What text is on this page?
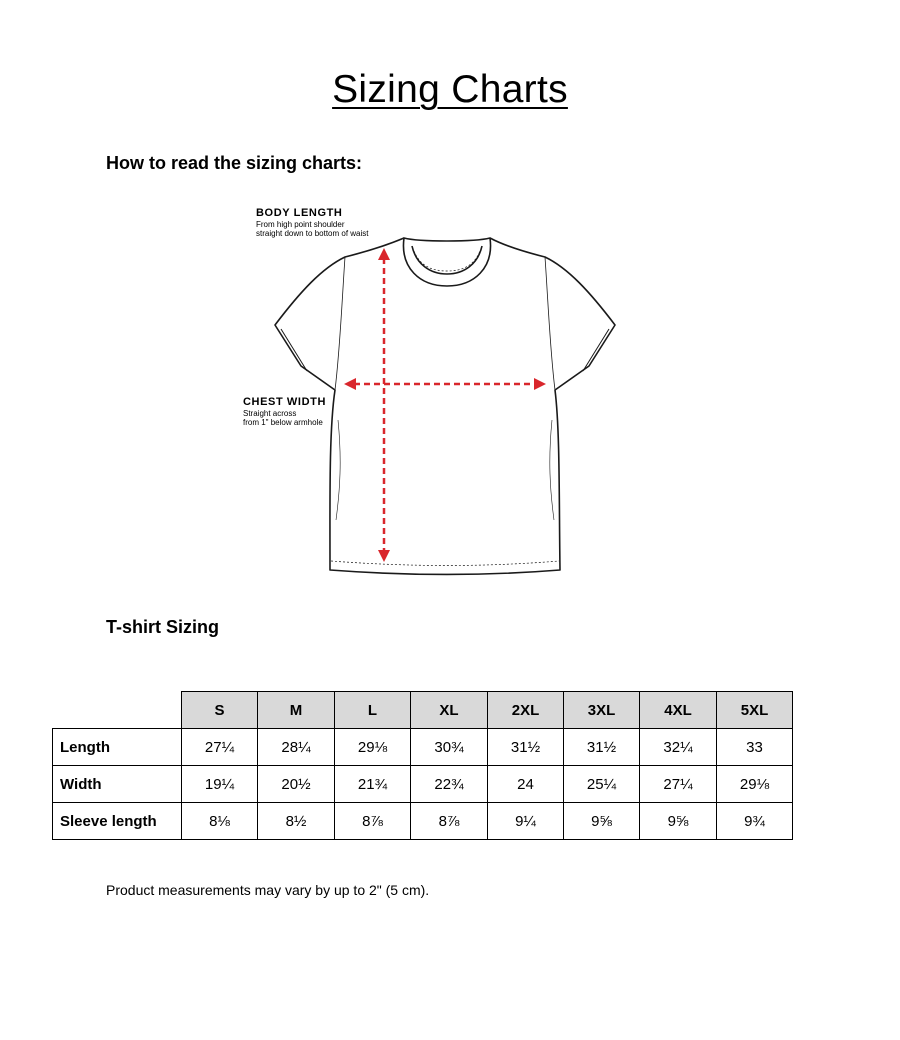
Sizing Charts
How to read the sizing charts:
BODY LENGTH
From high point shoulder
straight down to bottom of waist
CHEST WIDTH
Straight across
from 1" below armhole
T-shirt Sizing
	S	M	L	XL	2XL	3XL	4XL	5XL
Length	27¼	28¼	29⅛	30¾	31½	31½	32¼	33
Width	19¼	20½	21¾	22¾	24	25¼	27¼	29⅛
Sleeve length	8⅛	8½	8⅞	8⅞	9¼	9⅝	9⅝	9¾
Product measurements may vary by up to 2" (5 cm).
